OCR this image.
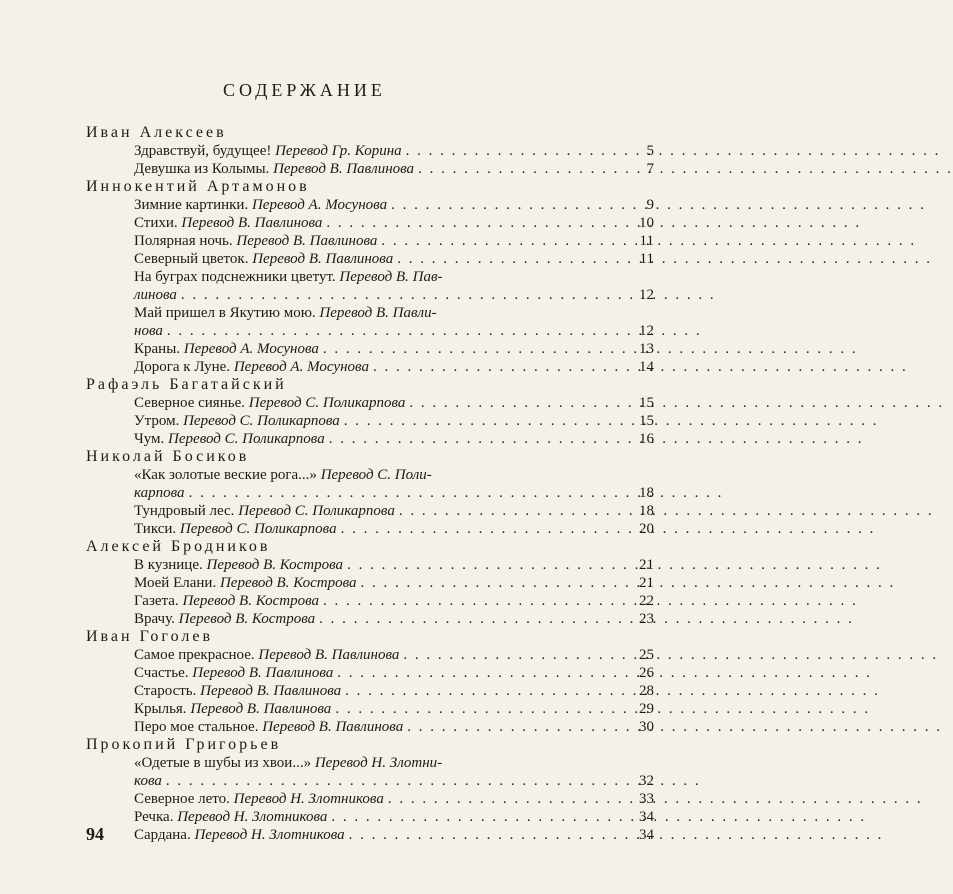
СОДЕРЖАНИЕ
Иван Алексеев
Здравствуй, будущее! Перевод Гр. Корина . . .	5
Девушка из Колымы. Перевод В. Павлинова . . .	7
Иннокентий Артамонов
Зимние картинки. Перевод А. Мосунова . . .	9
Стихи. Перевод В. Павлинова . . .	10
Полярная ночь. Перевод В. Павлинова . . .	11
Северный цветок. Перевод В. Павлинова . . .	11
На буграх подснежники цветут. Перевод В. Пав-
линова . . .	12
Май пришел в Якутию мою. Перевод В. Павли-
нова . . .	12
Краны. Перевод А. Мосунова . . .	13
Дорога к Луне. Перевод А. Мосунова . . .	14
Рафаэль Багатайский
Северное сиянье. Перевод С. Поликарпова . . .	15
Утром. Перевод С. Поликарпова . . .	15
Чум. Перевод С. Поликарпова . . .	16
Николай Босиков
«Как золотые веские рога...» Перевод С. Поли-
карпова . . .	18
Тундровый лес. Перевод С. Поликарпова . . .	18
Тикси. Перевод С. Поликарпова . . .	20
Алексей Бродников
В кузнице. Перевод В. Кострова . . .	21
Моей Елани. Перевод В. Кострова . . .	21
Газета. Перевод В. Кострова . . .	22
Врачу. Перевод В. Кострова . . .	23
Иван Гоголев
Самое прекрасное. Перевод В. Павлинова . . .	25
Счастье. Перевод В. Павлинова . . .	26
Старость. Перевод В. Павлинова . . .	28
Крылья. Перевод В. Павлинова . . .	29
Перо мое стальное. Перевод В. Павлинова . . .	30
Прокопий Григорьев
«Одетые в шубы из хвои...» Перевод Н. Злотни-
кова . . .	32
Северное лето. Перевод Н. Злотникова . . .	33
Речка. Перевод Н. Злотникова . . .	34
Сардана. Перевод Н. Злотникова . . .	34
94
